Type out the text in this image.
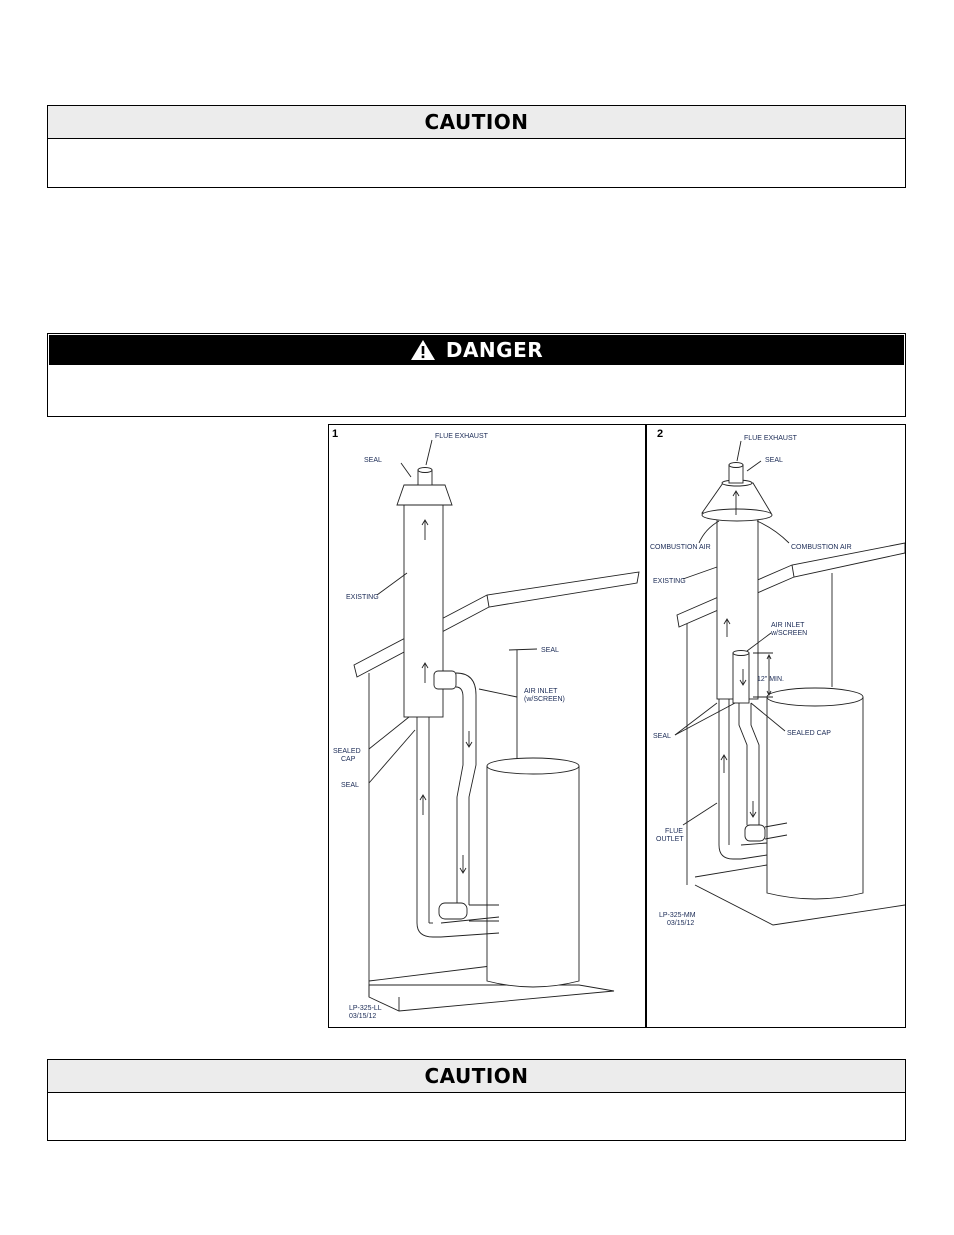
CAUTION
DANGER
1	FLUE EXHAUST
SEAL
EXISTING
SEAL
AIR INLET
(w/SCREEN)
SEALED
CAP
SEAL
LP-325-LL
03/15/12
2	FLUE EXHAUST
SEAL
COMBUSTION AIR	COMBUSTION AIR
EXISTING
AIR INLET
w/SCREEN
12" MIN.
SEAL	SEALED CAP
FLUE
OUTLET
LP-325-MM
03/15/12
CAUTION
